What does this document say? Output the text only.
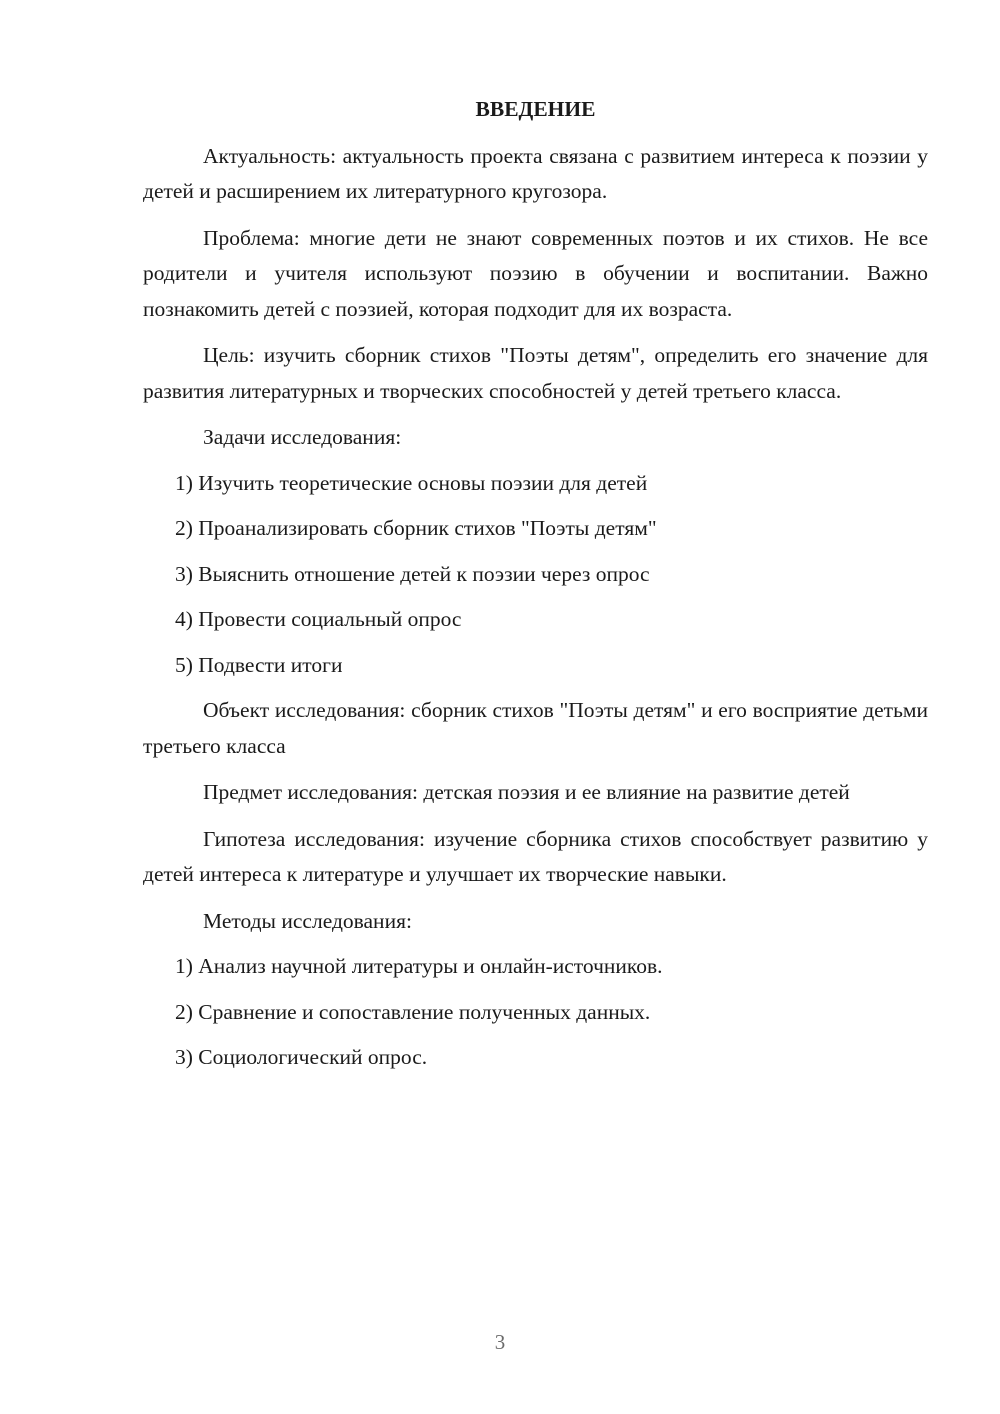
ВВЕДЕНИЕ

Актуальность: актуальность проекта связана с развитием интереса к поэзии у детей и расширением их литературного кругозора.

Проблема: многие дети не знают современных поэтов и их стихов. Не все родители и учителя используют поэзию в обучении и воспитании. Важно познакомить детей с поэзией, которая подходит для их возраста.

Цель: изучить сборник стихов "Поэты детям", определить его значение для развития литературных и творческих способностей у детей третьего класса.

Задачи исследования:

1) Изучить теоретические основы поэзии для детей
2) Проанализировать сборник стихов "Поэты детям"
3) Выяснить отношение детей к поэзии через опрос
4) Провести социальный опрос
5) Подвести итоги

Объект исследования: сборник стихов "Поэты детям" и его восприятие детьми третьего класса

Предмет исследования: детская поэзия и ее влияние на развитие детей

Гипотеза исследования: изучение сборника стихов способствует развитию у детей интереса к литературе и улучшает их творческие навыки.

Методы исследования:

1) Анализ научной литературы и онлайн-источников.
2) Сравнение и сопоставление полученных данных.
3) Социологический опрос.
3
